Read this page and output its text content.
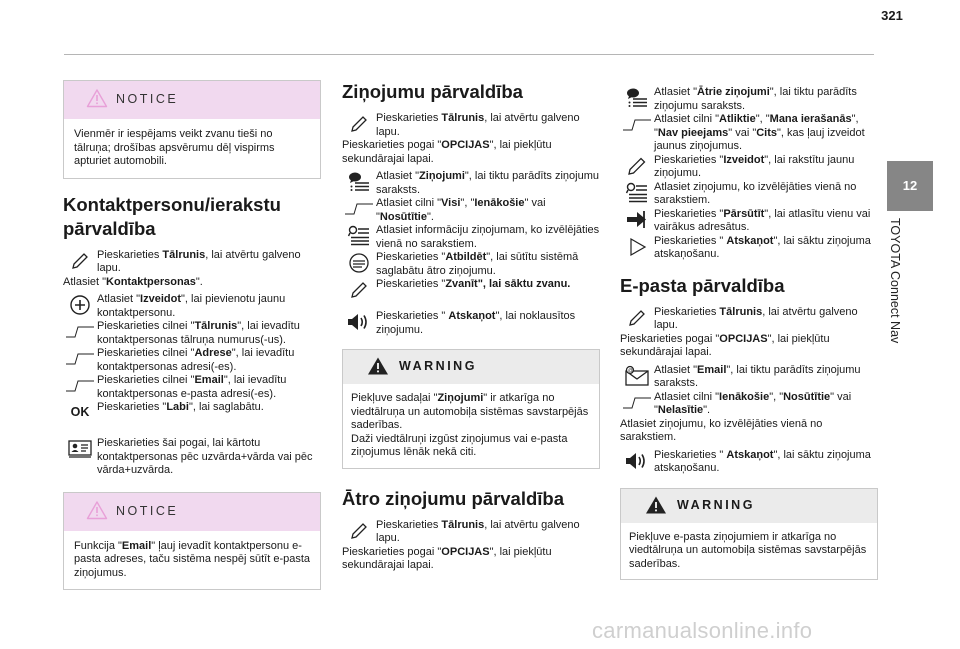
321
12
TOYOTA Connect Nav
NOTICE

Vienmēr ir iespējams veikt zvanu tieši no tālruņa; drošības apsvērumu dēļ vispirms apturiet automobili.

Kontaktpersonu/ierakstu pārvaldība

Pieskarieties Tālrunis, lai atvērtu galveno lapu.

Atlasiet "Kontaktpersonas".

Atlasiet "Izveidot", lai pievienotu jaunu kontaktpersonu.

Pieskarieties cilnei "Tālrunis", lai ievadītu kontaktpersonas tālruņa numurus(-us).

Pieskarieties cilnei "Adrese", lai ievadītu kontaktpersonas adresi(-es).

Pieskarieties cilnei "Email", lai ievadītu kontaktpersonas e-pasta adresi(-es).

OK Pieskarieties "Labi", lai saglabātu.

Pieskarieties šai pogai, lai kārtotu kontaktpersonas pēc uzvārda+vārda vai pēc vārda+uzvārda.

NOTICE

Funkcija "Email" ļauj ievadīt kontaktpersonu e-pasta adreses, taču sistēma nespēj sūtīt e-pasta ziņojumus.

Ziņojumu pārvaldība

Pieskarieties Tālrunis, lai atvērtu galveno lapu.

Pieskarieties pogai "OPCIJAS", lai piekļūtu sekundārajai lapai.

Atlasiet "Ziņojumi", lai tiktu parādīts ziņojumu saraksts.

Atlasiet cilni "Visi", "Ienākošie" vai "Nosūtītie".

Atlasiet informāciju ziņojumam, ko izvēlējāties vienā no sarakstiem.

Pieskarieties "Atbildēt", lai sūtītu sistēmā saglabātu ātro ziņojumu.

Pieskarieties "Zvanīt", lai sāktu zvanu.

Pieskarieties " Atskaņot", lai noklausītos ziņojumu.

WARNING

Piekļuve sadaļai "Ziņojumi" ir atkarīga no viedtālruņa un automobiļa sistēmas savstarpējās saderības.

Daži viedtālruņi izgūst ziņojumus vai e-pasta ziņojumus lēnāk nekā citi.

Ātro ziņojumu pārvaldība

Pieskarieties Tālrunis, lai atvērtu galveno lapu.

Pieskarieties pogai "OPCIJAS", lai piekļūtu sekundārajai lapai.

Atlasiet "Ātrie ziņojumi", lai tiktu parādīts ziņojumu saraksts.

Atlasiet cilni "Atliktie", "Mana ierašanās", "Nav pieejams" vai "Cits", kas ļauj izveidot jaunus ziņojumus.

Pieskarieties "Izveidot", lai rakstītu jaunu ziņojumu.

Atlasiet ziņojumu, ko izvēlējāties vienā no sarakstiem.

Pieskarieties "Pārsūtīt", lai atlasītu vienu vai vairākus adresātus.

Pieskarieties " Atskaņot", lai sāktu ziņojuma atskaņošanu.

E-pasta pārvaldība

Pieskarieties Tālrunis, lai atvērtu galveno lapu.

Pieskarieties pogai "OPCIJAS", lai piekļūtu sekundārajai lapai.

@ Atlasiet "Email", lai tiktu parādīts ziņojumu saraksts.

Atlasiet cilni "Ienākošie", "Nosūtītie" vai "Nelasītie".

Atlasiet ziņojumu, ko izvēlējāties vienā no sarakstiem.

Pieskarieties " Atskaņot", lai sāktu ziņojuma atskaņošanu.

WARNING

Piekļuve e-pasta ziņojumiem ir atkarīga no viedtālruņa un automobiļa sistēmas savstarpējās saderības.

carmanualsonline.info
